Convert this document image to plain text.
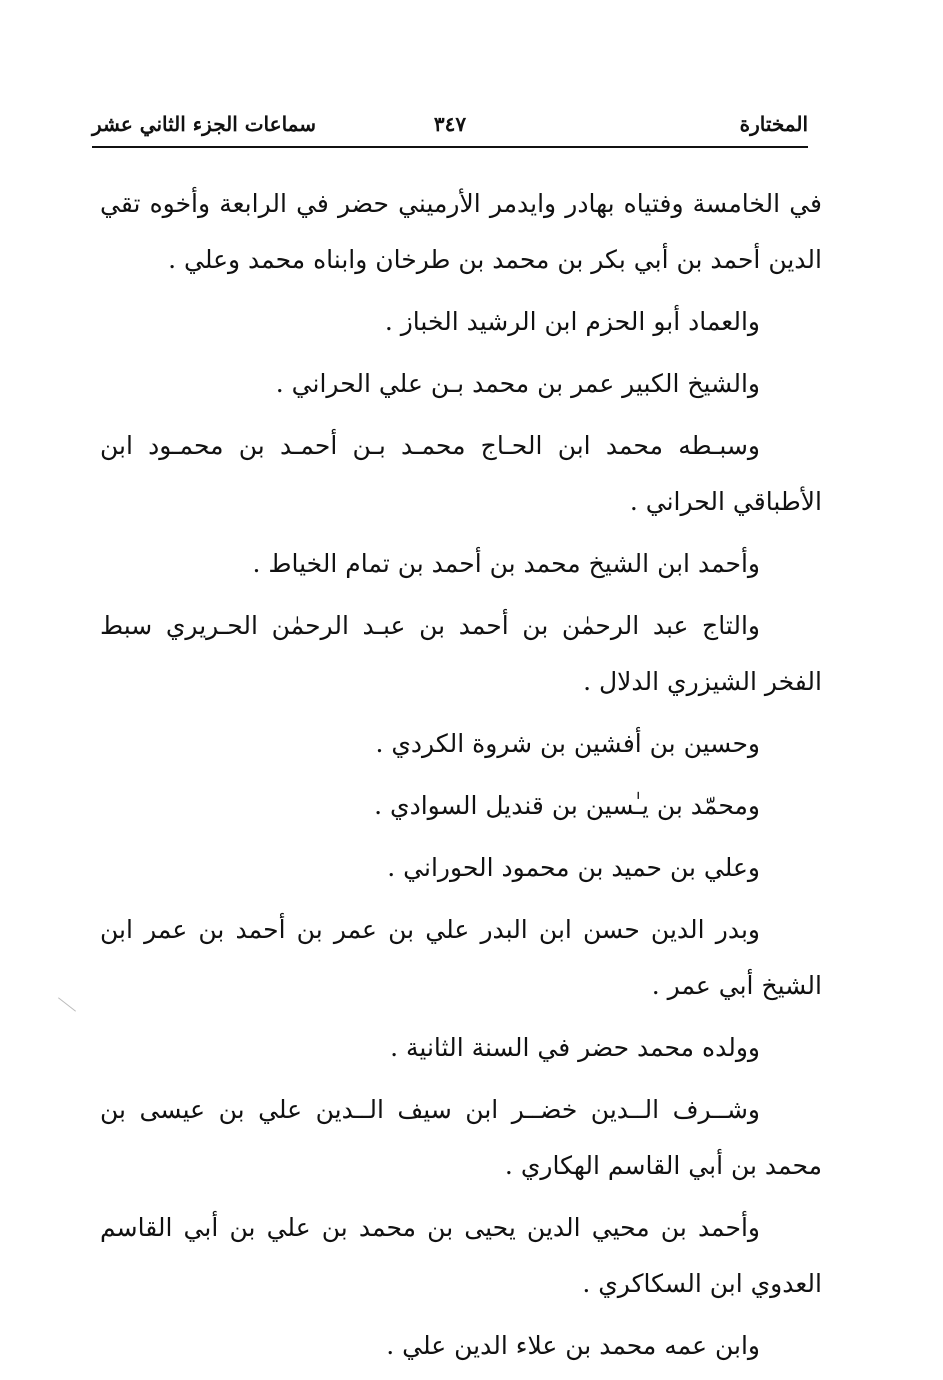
المختارة
٣٤٧
سماعات الجزء الثاني عشر

في الخامسة وفتياه بهادر وايدمر الأرميني حضر في الرابعة وأخوه تقي الدين أحمد بن أبي بكر بن محمد بن طرخان وابناه محمد وعلي .

والعماد أبو الحزم ابن الرشيد الخباز .

والشيخ الكبير عمر بن محمد بـن علي الحراني .

وسبـطه محمد ابن الحـاج محمـد بـن أحمـد بن محمـود ابن الأطباقي الحراني .

وأحمد ابن الشيخ محمد بن أحمد بن تمام الخياط .

والتاج عبد الرحمٰن بن أحمد بن عبـد الرحمٰن الحـريري سبط الفخر الشيزري الدلال .

وحسين بن أفشين بن شروة الكردي .

ومحمّد بن يـٰسين بن قنديل السوادي .

وعلي بن حميد بن محمود الحوراني .

وبدر الدين حسن ابن البدر علي بن عمر بن أحمد بن عمر ابن الشيخ أبي عمر .

وولده محمد حضر في السنة الثانية .

وشــرف الــدين خضــر ابن سيف الــدين علي بن عيسى بن محمد بن أبي القاسم الهكاري .

وأحمد بن محيي الدين يحيى بن محمد بن علي بن أبي القاسم العدوي ابن السكاكري .

وابن عمه محمد بن علاء الدين علي .
